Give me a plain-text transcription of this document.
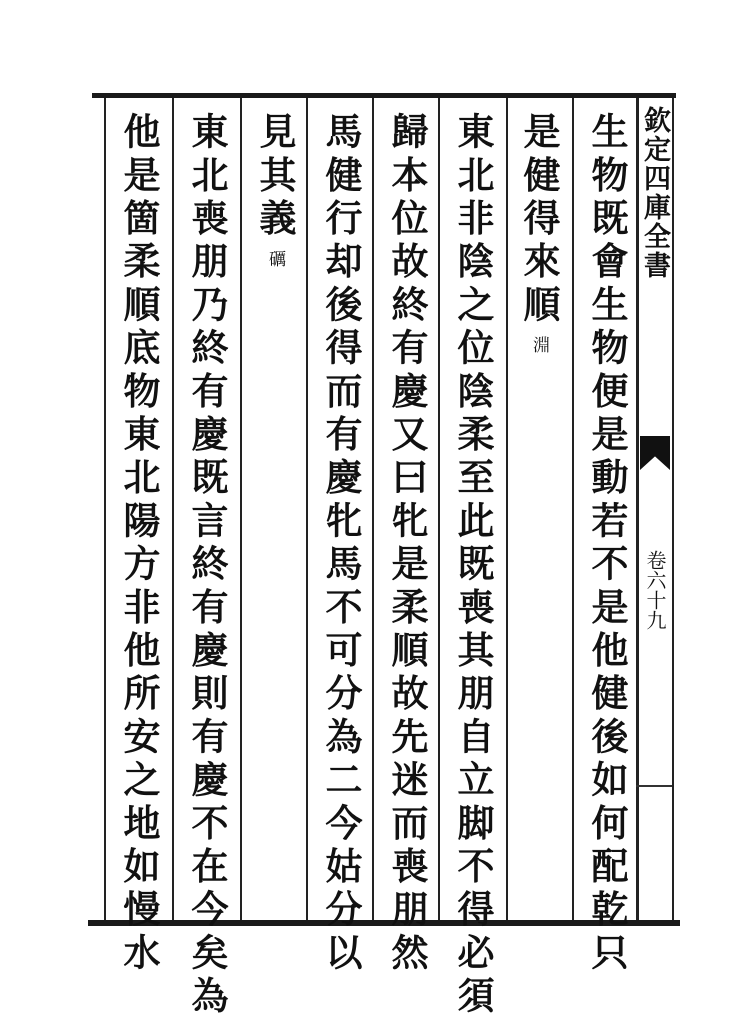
欽定四庫全書
卷六十九
生物既會生物便是動若不是他健後如何配乾只
是健得來順淵
東北非陰之位陰柔至此既喪其朋自立脚不得必須
歸本位故終有慶又曰牝是柔順故先迷而喪朋然
馬健行却後得而有慶牝馬不可分為二今姑分以
見其義礪
東北喪朋乃終有慶既言終有慶則有慶不在今矣為
他是箇柔順底物東北陽方非他所安之地如慢水
